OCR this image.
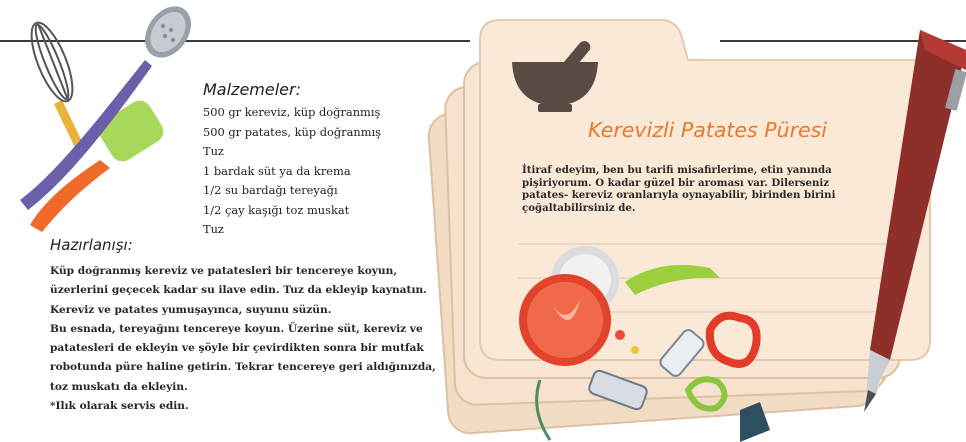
Malzemeler:
500 gr kereviz, küp doğranmış
500 gr patates, küp doğranmış
Tuz
1 bardak süt ya da krema
1/2 su bardağı tereyağı
1/2 çay kaşığı toz muskat
Tuz
Hazırlanışı:
Küp doğranmış kereviz ve patatesleri bir tencereye koyun,
üzerlerini geçecek kadar su ilave edin. Tuz da ekleyip kaynatın.
Kereviz ve patates yumuşayınca, suyunu süzün.
Bu esnada, tereyağını tencereye koyun. Üzerine süt, kereviz ve
patatesleri de ekleyin ve şöyle bir çevirdikten sonra bir mutfak
robotunda püre haline getirin. Tekrar tencereye geri aldığınızda,
toz muskatı da ekleyin.
*Ilık olarak servis edin.
Kerevizli Patates Püresi
İtiraf edeyim, ben bu tarifi misafirlerime, etin yanında
pişiriyorum. O kadar güzel bir aroması var. Dilerseniz
patates- kereviz oranlarıyla oynayabilir, birinden birini
çoğaltabilirsiniz de.
